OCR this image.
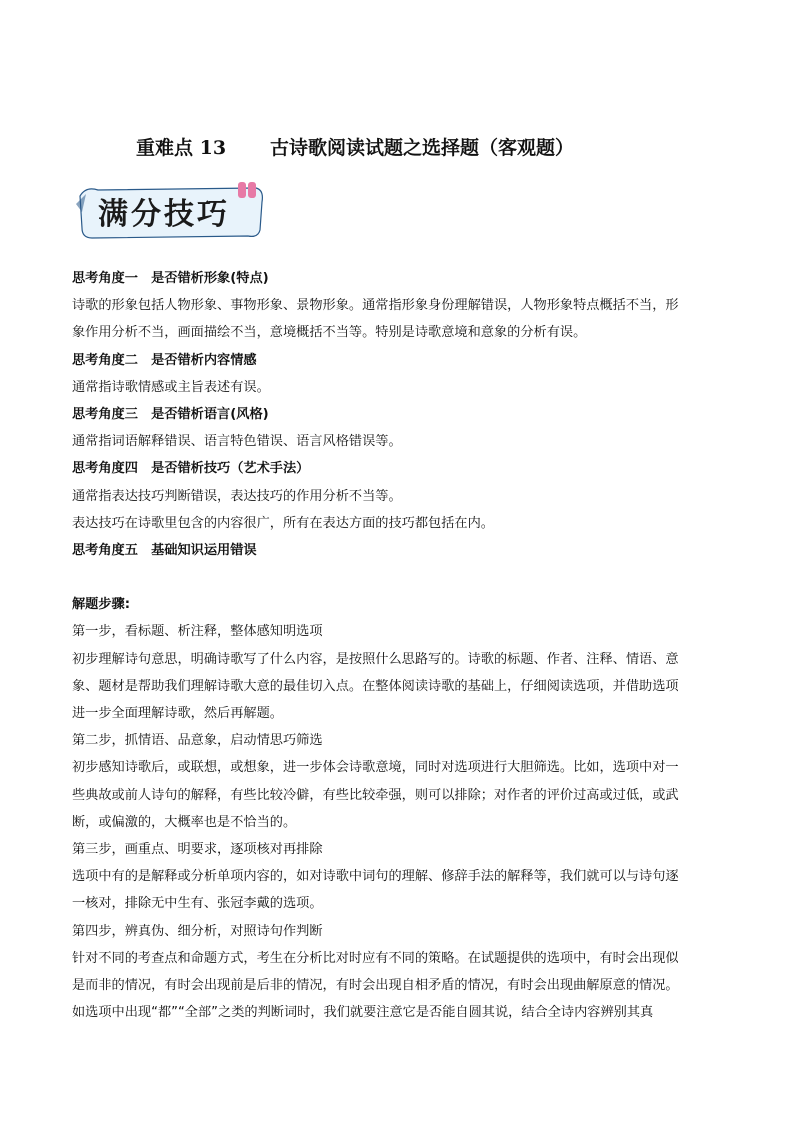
重难点 13 古诗歌阅读试题之选择题（客观题）
满分技巧
思考角度一　是否错析形象(特点)
诗歌的形象包括人物形象、事物形象、景物形象。通常指形象身份理解错误，人物形象特点概括不当，形
象作用分析不当，画面描绘不当，意境概括不当等。特别是诗歌意境和意象的分析有误。
思考角度二　是否错析内容情感
通常指诗歌情感或主旨表述有误。
思考角度三　是否错析语言(风格)
通常指词语解释错误、语言特色错误、语言风格错误等。
思考角度四　是否错析技巧（艺术手法）
通常指表达技巧判断错误，表达技巧的作用分析不当等。
表达技巧在诗歌里包含的内容很广，所有在表达方面的技巧都包括在内。
思考角度五　基础知识运用错误
解题步骤:
第一步，看标题、析注释，整体感知明选项
初步理解诗句意思，明确诗歌写了什么内容，是按照什么思路写的。诗歌的标题、作者、注释、情语、意
象、题材是帮助我们理解诗歌大意的最佳切入点。在整体阅读诗歌的基础上，仔细阅读选项，并借助选项
进一步全面理解诗歌，然后再解题。
第二步，抓情语、品意象，启动情思巧筛选
初步感知诗歌后，或联想，或想象，进一步体会诗歌意境，同时对选项进行大胆筛选。比如，选项中对一
些典故或前人诗句的解释，有些比较冷僻，有些比较牵强，则可以排除；对作者的评价过高或过低，或武
断，或偏激的，大概率也是不恰当的。
第三步，画重点、明要求，逐项核对再排除
选项中有的是解释或分析单项内容的，如对诗歌中词句的理解、修辞手法的解释等，我们就可以与诗句逐
一核对，排除无中生有、张冠李戴的选项。
第四步，辨真伪、细分析，对照诗句作判断
针对不同的考查点和命题方式，考生在分析比对时应有不同的策略。在试题提供的选项中，有时会出现似
是而非的情况，有时会出现前是后非的情况，有时会出现自相矛盾的情况，有时会出现曲解原意的情况。
如选项中出现“都”“全部”之类的判断词时，我们就要注意它是否能自圆其说，结合全诗内容辨别其真
